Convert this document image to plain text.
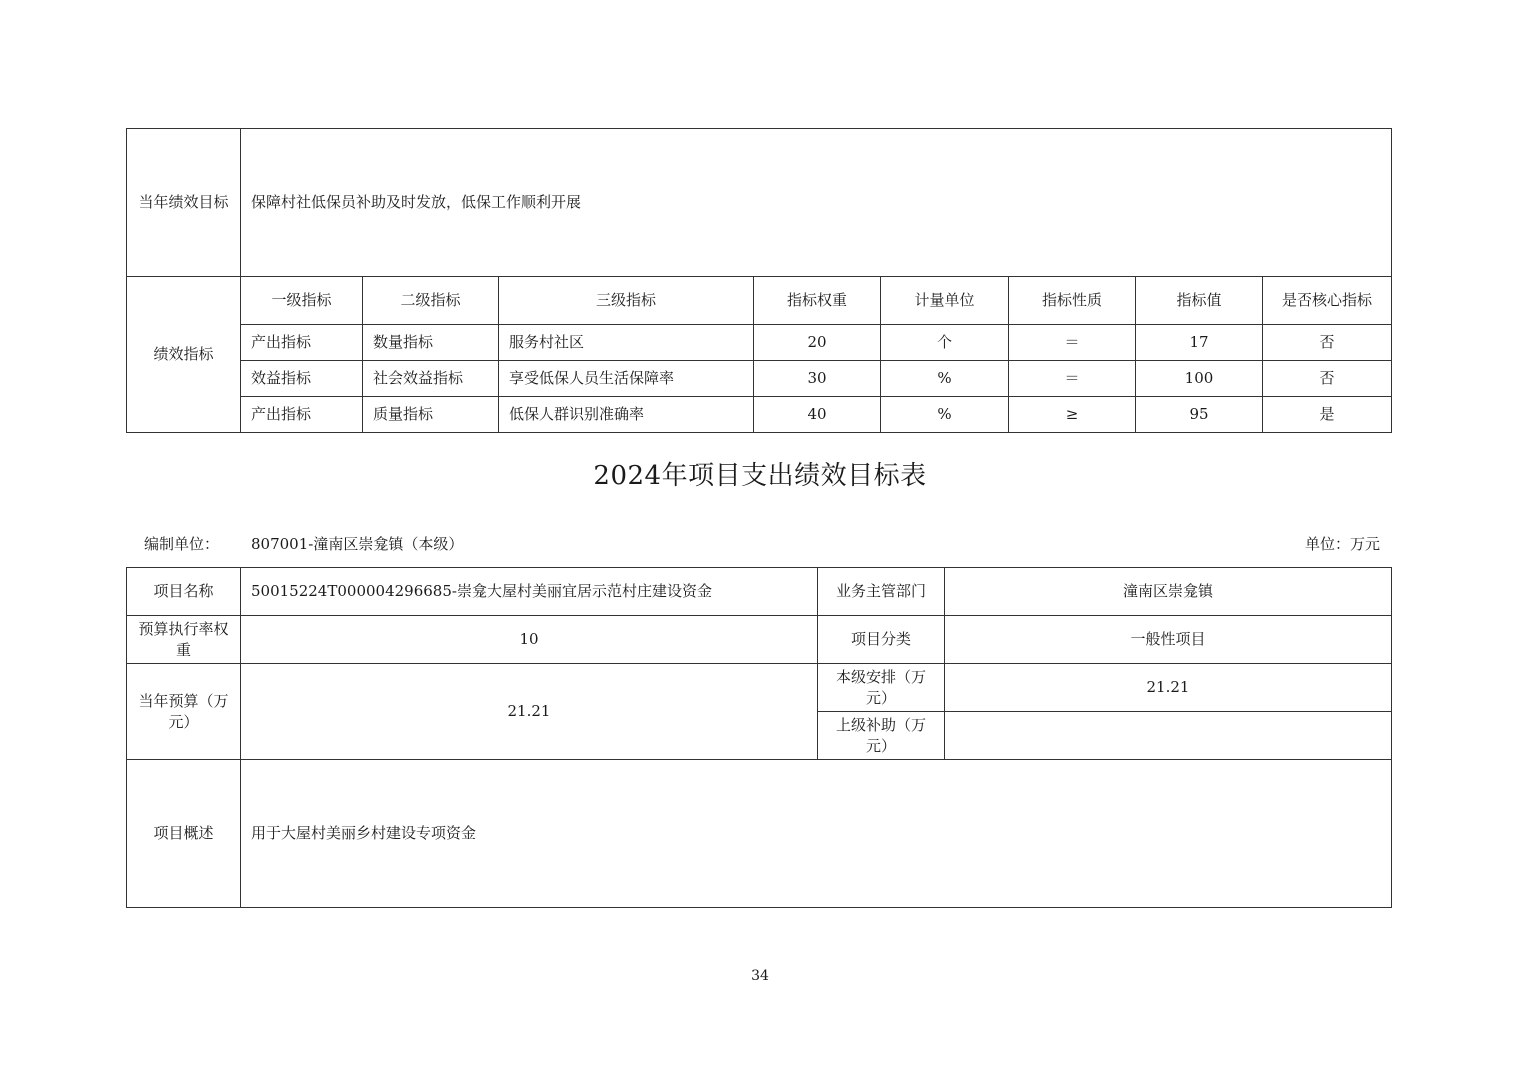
当年绩效目标	保障村社低保员补助及时发放，低保工作顺利开展							
绩效指标	一级指标	二级指标	三级指标	指标权重	计量单位	指标性质	指标值	是否核心指标
	产出指标	数量指标	服务村社区	20	个	＝	17	否
	效益指标	社会效益指标	享受低保人员生活保障率	30	%	＝	100	否
	产出指标	质量指标	低保人群识别准确率	40	%	≥	95	是
2024年项目支出绩效目标表
编制单位： 807001-潼南区崇龛镇（本级）	单位：万元
项目名称	50015224T000004296685-崇龛大屋村美丽宜居示范村庄建设资金	业务主管部门	潼南区崇龛镇
预算执行率权重	10	项目分类	一般性项目
当年预算（万元）	21.21	本级安排（万元）	21.21
		上级补助（万元）	
项目概述	用于大屋村美丽乡村建设专项资金		
34
